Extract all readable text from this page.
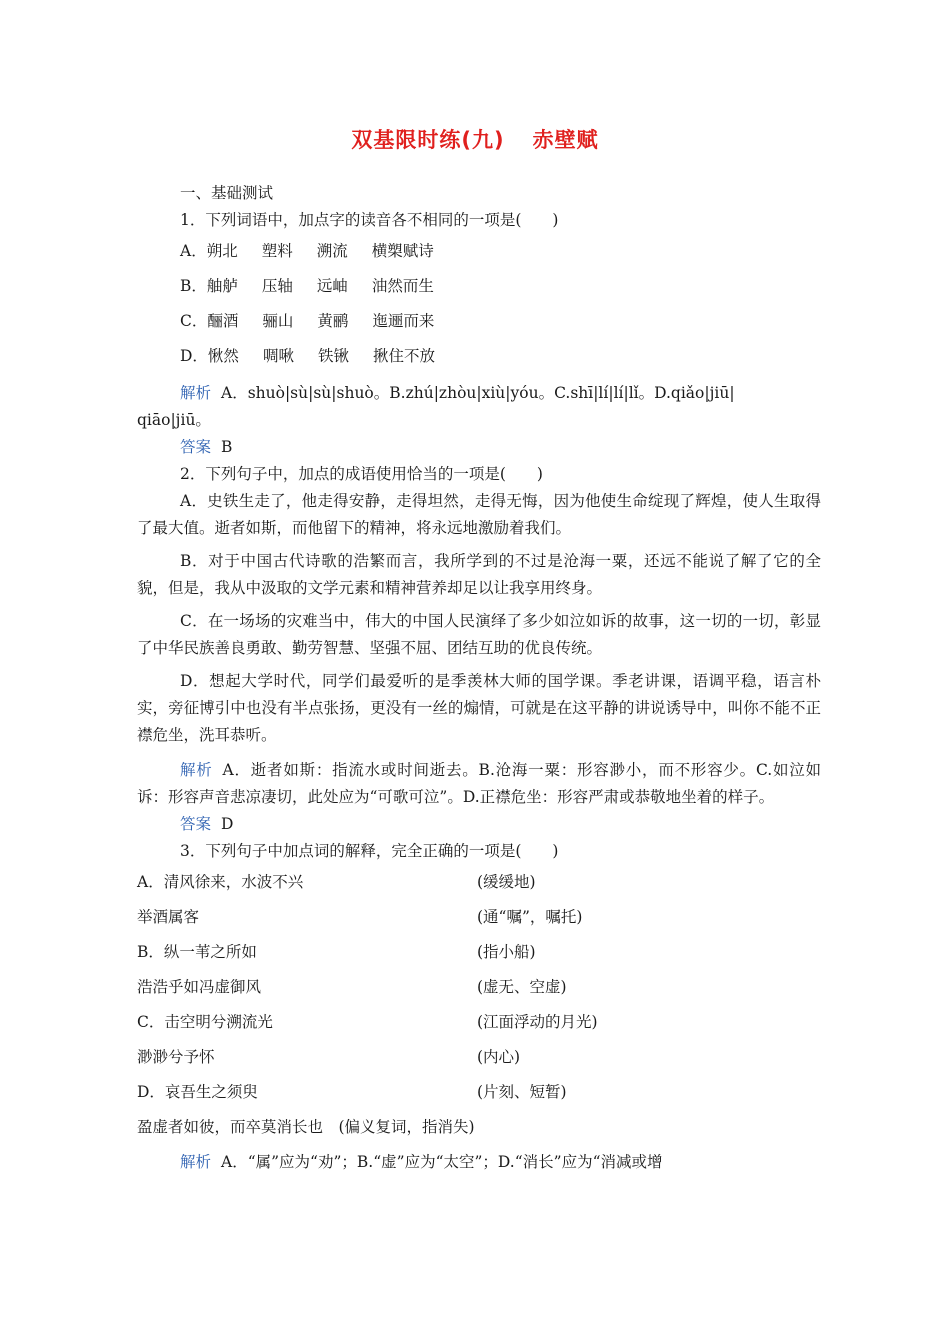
双基限时练(九) 赤壁赋
一、基础测试
1．下列词语中，加点字的读音各不相同的一项是(　　)
A．朔北 塑料 溯流 横槊赋诗
B．舳舻 压轴 远岫 油然而生
C．酾酒 骊山 黄鹂 迤逦而来
D．愀然 啁啾 铁锹 揪住不放
解析 A．shuò|sù|sù|shuò。B.zhú|zhòu|xiù|yóu。C.shī|lí|lí|lǐ。D.qiǎo|jiū|
qiāo|jiū。
答案 B
2．下列句子中，加点的成语使用恰当的一项是(　　)
A．史铁生走了，他走得安静，走得坦然，走得无悔，因为他使生命绽现了辉煌，使人生取得了最大值。逝者如斯，而他留下的精神，将永远地激励着我们。
B．对于中国古代诗歌的浩繁而言，我所学到的不过是沧海一粟，还远不能说了解了它的全貌，但是，我从中汲取的文学元素和精神营养却足以让我享用终身。
C．在一场场的灾难当中，伟大的中国人民演绎了多少如泣如诉的故事，这一切的一切，彰显了中华民族善良勇敢、勤劳智慧、坚强不屈、团结互助的优良传统。
D．想起大学时代，同学们最爱听的是季羡林大师的国学课。季老讲课，语调平稳，语言朴实，旁征博引中也没有半点张扬，更没有一丝的煽情，可就是在这平静的讲说诱导中，叫你不能不正襟危坐，洗耳恭听。
解析 A．逝者如斯：指流水或时间逝去。B.沧海一粟：形容渺小，而不形容少。C.如泣如诉：形容声音悲凉凄切，此处应为“可歌可泣”。D.正襟危坐：形容严肃或恭敬地坐着的样子。
答案 D
3．下列句子中加点词的解释，完全正确的一项是(　　)
A．清风徐来，水波不兴	(缓缓地)
举酒属客	(通“嘱”，嘱托)
B．纵一苇之所如	(指小船)
浩浩乎如冯虚御风	(虚无、空虚)
C．击空明兮溯流光	(江面浮动的月光)
渺渺兮予怀	(内心)
D．哀吾生之须臾	(片刻、短暂)
盈虚者如彼，而卒莫消长也　(偏义复词，指消失)
解析 A．“属”应为“劝”；B.“虚”应为“太空”；D.“消长”应为“消减或增
